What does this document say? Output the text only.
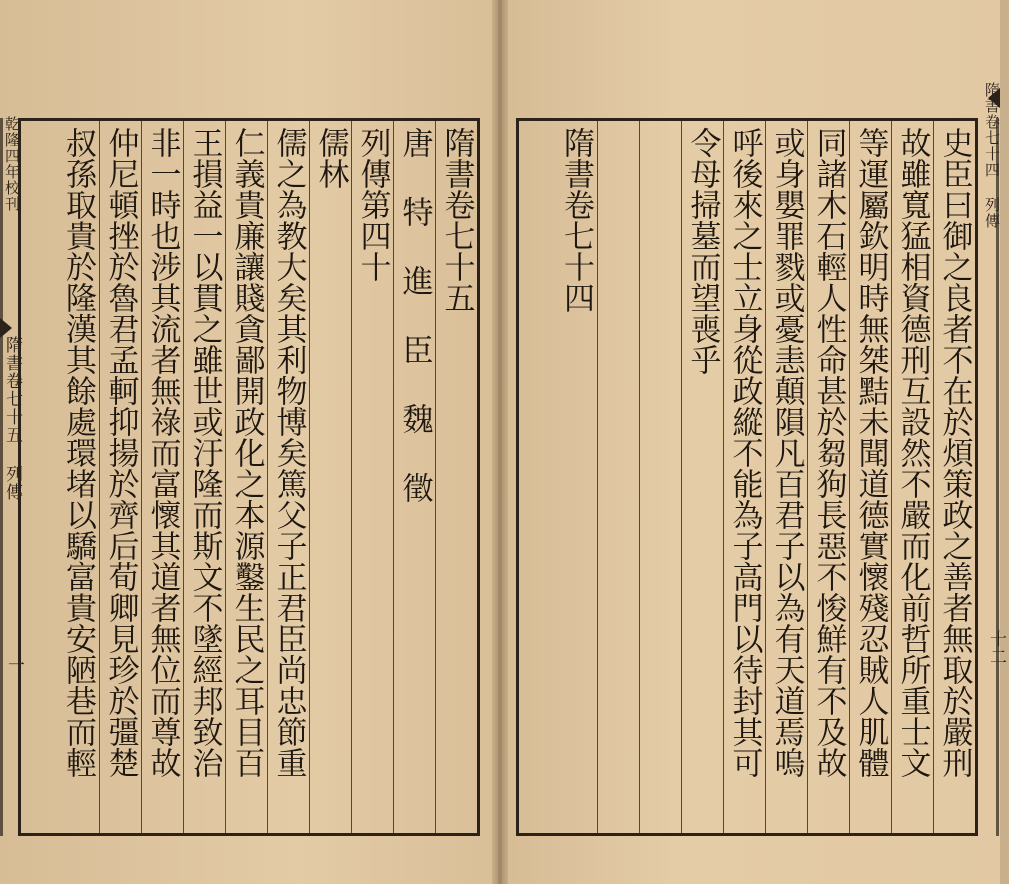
乾隆四年校刊
隋書卷七十五 列傳
一
隋書卷七十四 列傳
十二
隋書卷七十五
唐特進臣魏徵
列傳第四十
儒林
儒之為教大矣其利物博矣篤父子正君臣尚忠節重
仁義貴廉讓賤貪鄙開政化之本源鑿生民之耳目百
王損益一以貫之雖世或汙隆而斯文不墜經邦致治
非一時也涉其流者無祿而富懷其道者無位而尊故
仲尼頓挫於魯君孟軻抑揚於齊后荀卿見珍於彊楚
叔孫取貴於隆漢其餘處環堵以驕富貴安陋巷而輕	史臣曰御之良者不在於煩策政之善者無取於嚴刑
故雖寬猛相資德刑互設然不嚴而化前哲所重士文
等運屬欽明時無桀黠未聞道德實懷殘忍賊人肌體
同諸木石輕人性命甚於芻狗長惡不悛鮮有不及故
或身嬰罪戮或憂恚顛隕凡百君子以為有天道焉嗚
呼後來之士立身從政縱不能為子高門以待封其可
令母掃墓而望喪乎
隋書卷七十四
